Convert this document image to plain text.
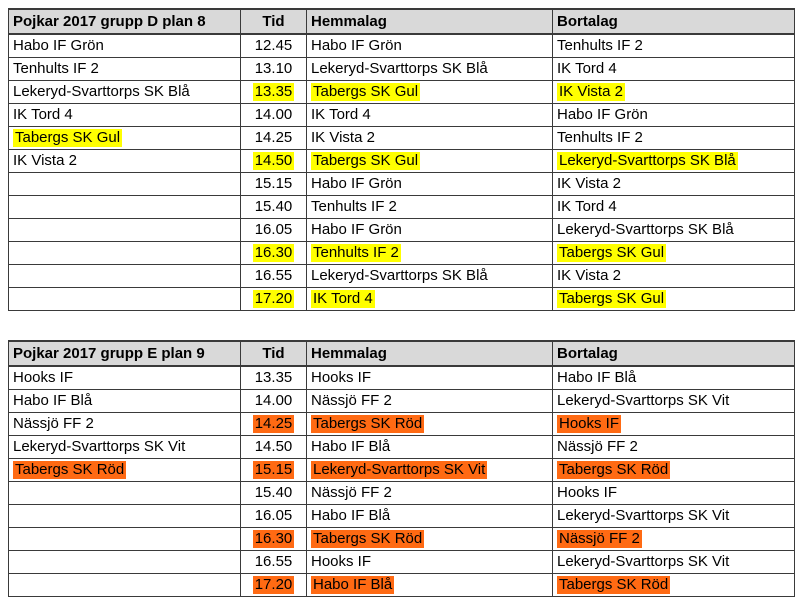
Pojkar 2017 grupp D plan 8	Tid	Hemmalag	Bortalag
Habo IF Grön	12.45	Habo IF Grön	Tenhults IF 2
Tenhults IF 2	13.10	Lekeryd-Svarttorps SK Blå	IK Tord 4
Lekeryd-Svarttorps SK Blå	13.35	Tabergs SK Gul	IK Vista 2
IK Tord 4	14.00	IK Tord 4	Habo IF Grön
Tabergs SK Gul	14.25	IK Vista 2	Tenhults IF 2
IK Vista 2	14.50	Tabergs SK Gul	Lekeryd-Svarttorps SK Blå
	15.15	Habo IF Grön	IK Vista 2
	15.40	Tenhults IF 2	IK Tord 4
	16.05	Habo IF Grön	Lekeryd-Svarttorps SK Blå
	16.30	Tenhults IF 2	Tabergs SK Gul
	16.55	Lekeryd-Svarttorps SK Blå	IK Vista 2
	17.20	IK Tord 4	Tabergs SK Gul
Pojkar 2017 grupp E plan 9	Tid	Hemmalag	Bortalag
Hooks IF	13.35	Hooks IF	Habo IF Blå
Habo IF Blå	14.00	Nässjö FF 2	Lekeryd-Svarttorps SK Vit
Nässjö FF 2	14.25	Tabergs SK Röd	Hooks IF
Lekeryd-Svarttorps SK Vit	14.50	Habo IF Blå	Nässjö FF 2
Tabergs SK Röd	15.15	Lekeryd-Svarttorps SK Vit	Tabergs SK Röd
	15.40	Nässjö FF 2	Hooks IF
	16.05	Habo IF Blå	Lekeryd-Svarttorps SK Vit
	16.30	Tabergs SK Röd	Nässjö FF 2
	16.55	Hooks IF	Lekeryd-Svarttorps SK Vit
	17.20	Habo IF Blå	Tabergs SK Röd
